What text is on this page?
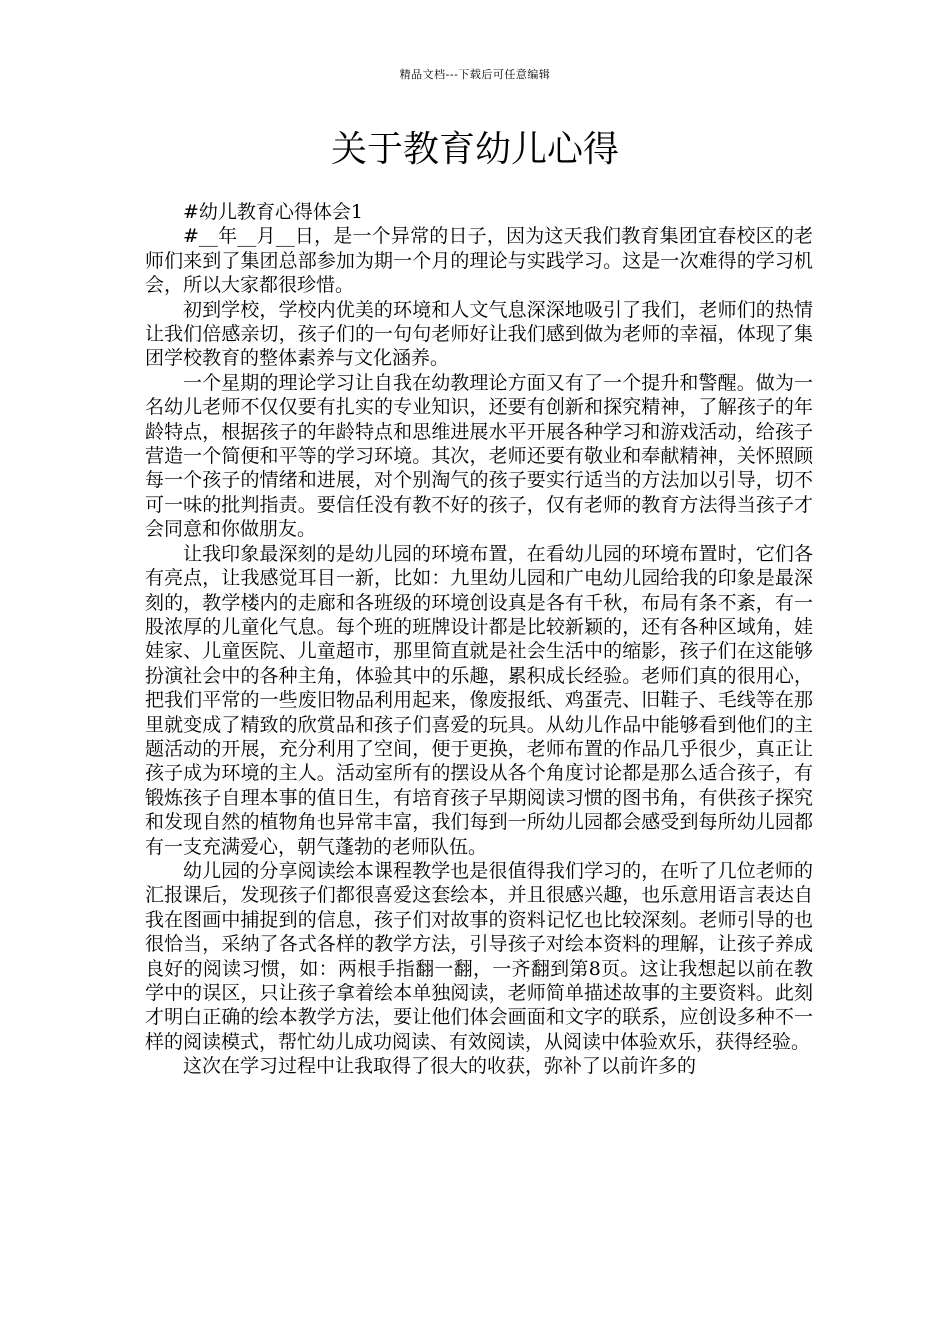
精品文档---下载后可任意编辑
关于教育幼儿心得

#幼儿教育心得体会1

#__年__月__日，是一个异常的日子，因为这天我们教育集团宜春校区的老师们来到了集团总部参加为期一个月的理论与实践学习。这是一次难得的学习机会，所以大家都很珍惜。

初到学校，学校内优美的环境和人文气息深深地吸引了我们，老师们的热情让我们倍感亲切，孩子们的一句句老师好让我们感到做为老师的幸福，体现了集团学校教育的整体素养与文化涵养。

一个星期的理论学习让自我在幼教理论方面又有了一个提升和警醒。做为一名幼儿老师不仅仅要有扎实的专业知识，还要有创新和探究精神，了解孩子的年龄特点，根据孩子的年龄特点和思维进展水平开展各种学习和游戏活动，给孩子营造一个简便和平等的学习环境。其次，老师还要有敬业和奉献精神，关怀照顾每一个孩子的情绪和进展，对个别淘气的孩子要实行适当的方法加以引导，切不可一味的批判指责。要信任没有教不好的孩子，仅有老师的教育方法得当孩子才会同意和你做朋友。

让我印象最深刻的是幼儿园的环境布置，在看幼儿园的环境布置时，它们各有亮点，让我感觉耳目一新，比如：九里幼儿园和广电幼儿园给我的印象是最深刻的，教学楼内的走廊和各班级的环境创设真是各有千秋，布局有条不紊，有一股浓厚的儿童化气息。每个班的班牌设计都是比较新颖的，还有各种区域角，娃娃家、儿童医院、儿童超市，那里简直就是社会生活中的缩影，孩子们在这能够扮演社会中的各种主角，体验其中的乐趣，累积成长经验。老师们真的很用心，把我们平常的一些废旧物品利用起来，像废报纸、鸡蛋壳、旧鞋子、毛线等在那里就变成了精致的欣赏品和孩子们喜爱的玩具。从幼儿作品中能够看到他们的主题活动的开展，充分利用了空间，便于更换，老师布置的作品几乎很少，真正让孩子成为环境的主人。活动室所有的摆设从各个角度讨论都是那么适合孩子，有锻炼孩子自理本事的值日生，有培育孩子早期阅读习惯的图书角，有供孩子探究和发现自然的植物角也异常丰富，我们每到一所幼儿园都会感受到每所幼儿园都有一支充满爱心，朝气蓬勃的老师队伍。

幼儿园的分享阅读绘本课程教学也是很值得我们学习的，在听了几位老师的汇报课后，发现孩子们都很喜爱这套绘本，并且很感兴趣，也乐意用语言表达自我在图画中捕捉到的信息，孩子们对故事的资料记忆也比较深刻。老师引导的也很恰当，采纳了各式各样的教学方法，引导孩子对绘本资料的理解，让孩子养成良好的阅读习惯，如：两根手指翻一翻，一齐翻到第8页。这让我想起以前在教学中的误区，只让孩子拿着绘本单独阅读，老师简单描述故事的主要资料。此刻才明白正确的绘本教学方法，要让他们体会画面和文字的联系，应创设多种不一样的阅读模式，帮忙幼儿成功阅读、有效阅读，从阅读中体验欢乐，获得经验。

这次在学习过程中让我取得了很大的收获，弥补了以前许多的
